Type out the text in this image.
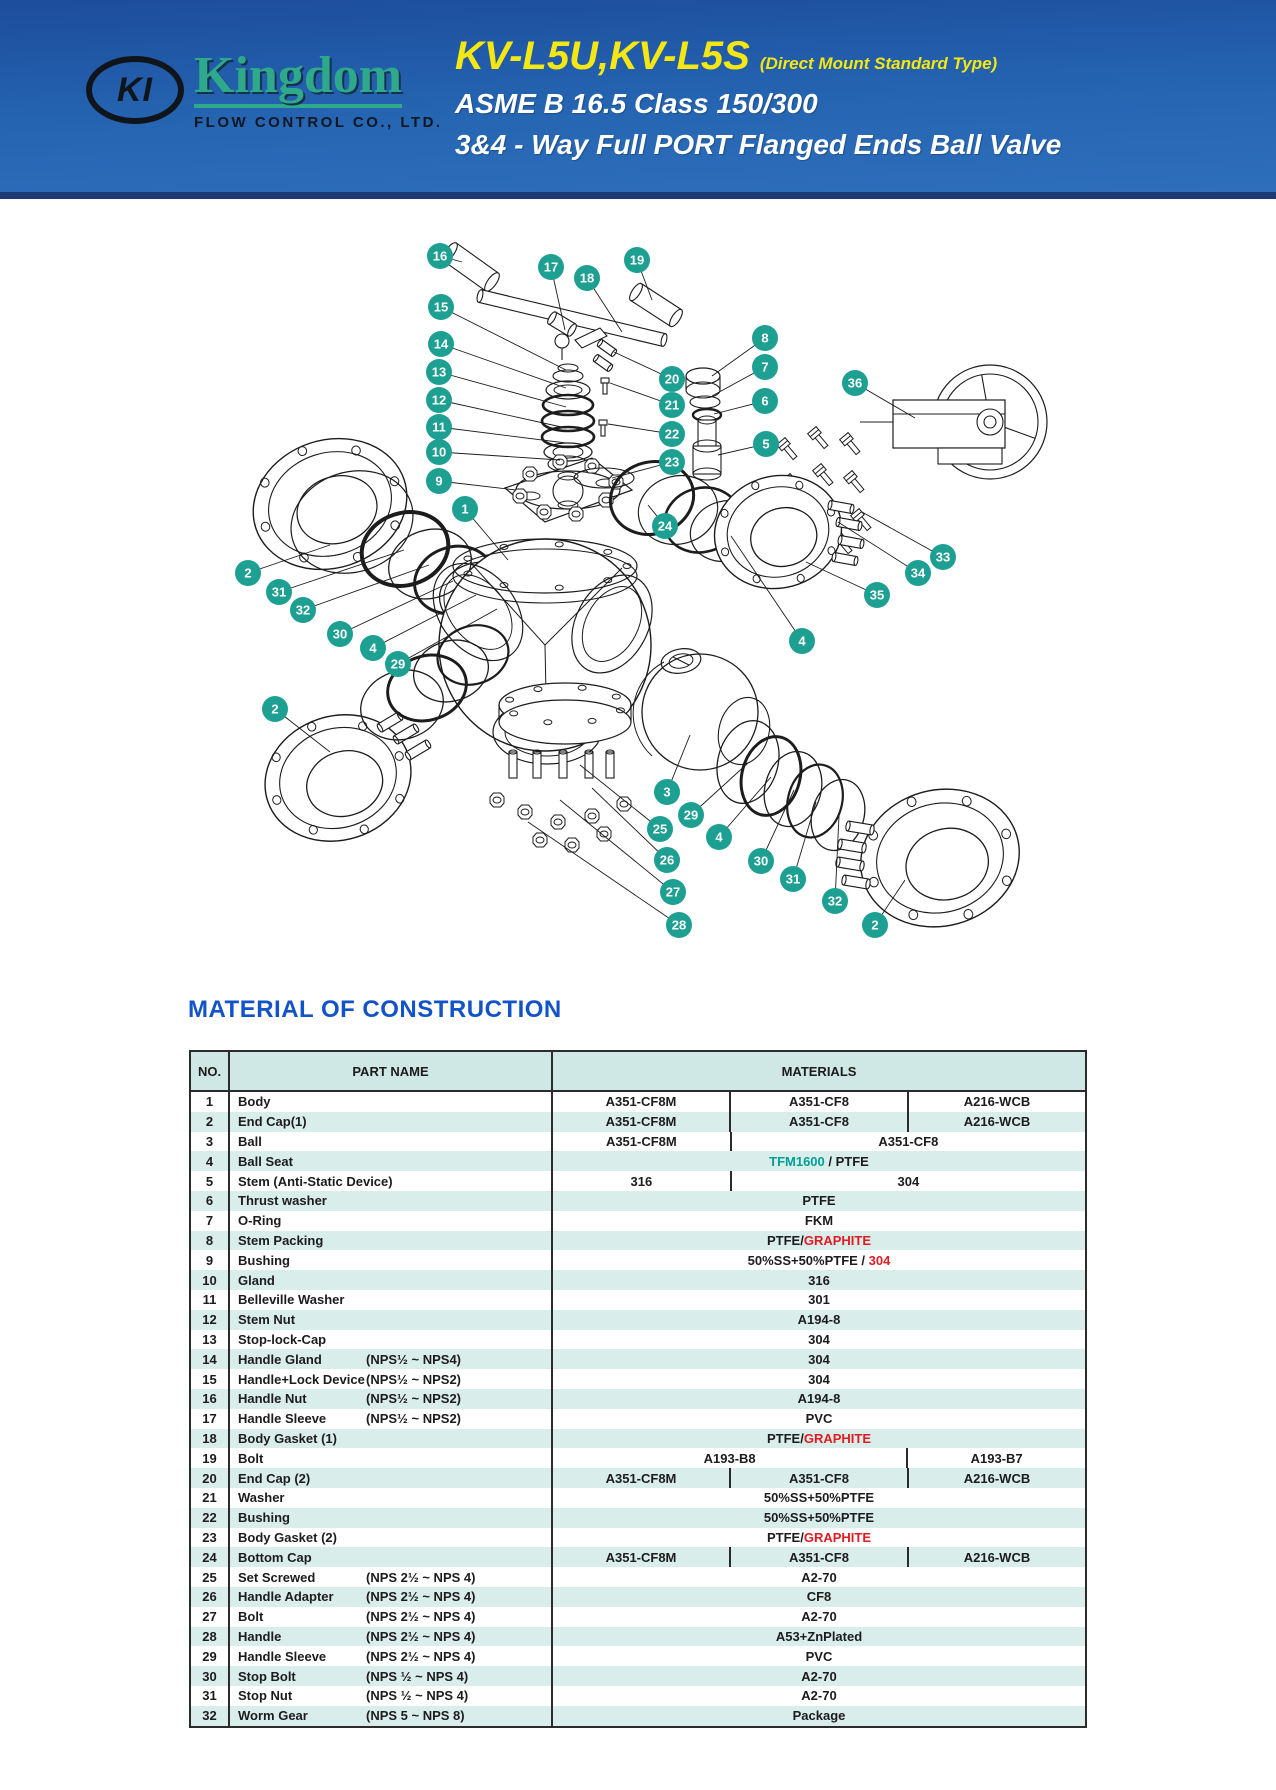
KI Kingdom
FLOW CONTROL CO., LTD.
KV-L5U,KV-L5S (Direct Mount Standard Type)
ASME B 16.5 Class 150/300
3&4 - Way Full PORT Flanged Ends Ball Valve
16
17
18
19
15
14
13
12
11
10
9
1
8
7
6
5
20
21
22
23
36
24
33
34
35
4
2
31
32
30
4
29
2
3
29
4
30
31
32
2
25
26
27
28
MATERIAL OF CONSTRUCTION
NO.	PART NAME	MATERIALS
1	Body	A351-CF8M	A351-CF8	A216-WCB
2	End Cap(1)	A351-CF8M	A351-CF8	A216-WCB
3	Ball	A351-CF8M	A351-CF8
4	Ball Seat	TFM1600 / PTFE
5	Stem (Anti-Static Device)	316	304
6	Thrust washer	PTFE
7	O-Ring	FKM
8	Stem Packing	PTFE/ GRAPHITE
9	Bushing	50%SS+50%PTFE / 304
10	Gland	316
11	Belleville Washer	301
12	Stem Nut	A194-8
13	Stop-lock-Cap	304
14	Handle Gland	(NPS½ ~ NPS4)	304
15	Handle+Lock Device (NPS½ ~ NPS2)	304
16	Handle Nut	(NPS½ ~ NPS2)	A194-8
17	Handle Sleeve	(NPS½ ~ NPS2)	PVC
18	Body Gasket (1)	PTFE/ GRAPHITE
19	Bolt	A193-B8	A193-B7
20	End Cap (2)	A351-CF8M	A351-CF8	A216-WCB
21	Washer	50%SS+50%PTFE
22	Bushing	50%SS+50%PTFE
23	Body Gasket (2)	PTFE/ GRAPHITE
24	Bottom Cap	A351-CF8M	A351-CF8	A216-WCB
25	Set Screwed	(NPS 2½ ~ NPS 4)	A2-70
26	Handle Adapter	(NPS 2½ ~ NPS 4)	CF8
27	Bolt	(NPS 2½ ~ NPS 4)	A2-70
28	Handle	(NPS 2½ ~ NPS 4)	A53+ZnPlated
29	Handle Sleeve	(NPS 2½ ~ NPS 4)	PVC
30	Stop Bolt	(NPS ½ ~ NPS 4)	A2-70
31	Stop Nut	(NPS ½ ~ NPS 4)	A2-70
32	Worm Gear	(NPS 5 ~ NPS 8)	Package
